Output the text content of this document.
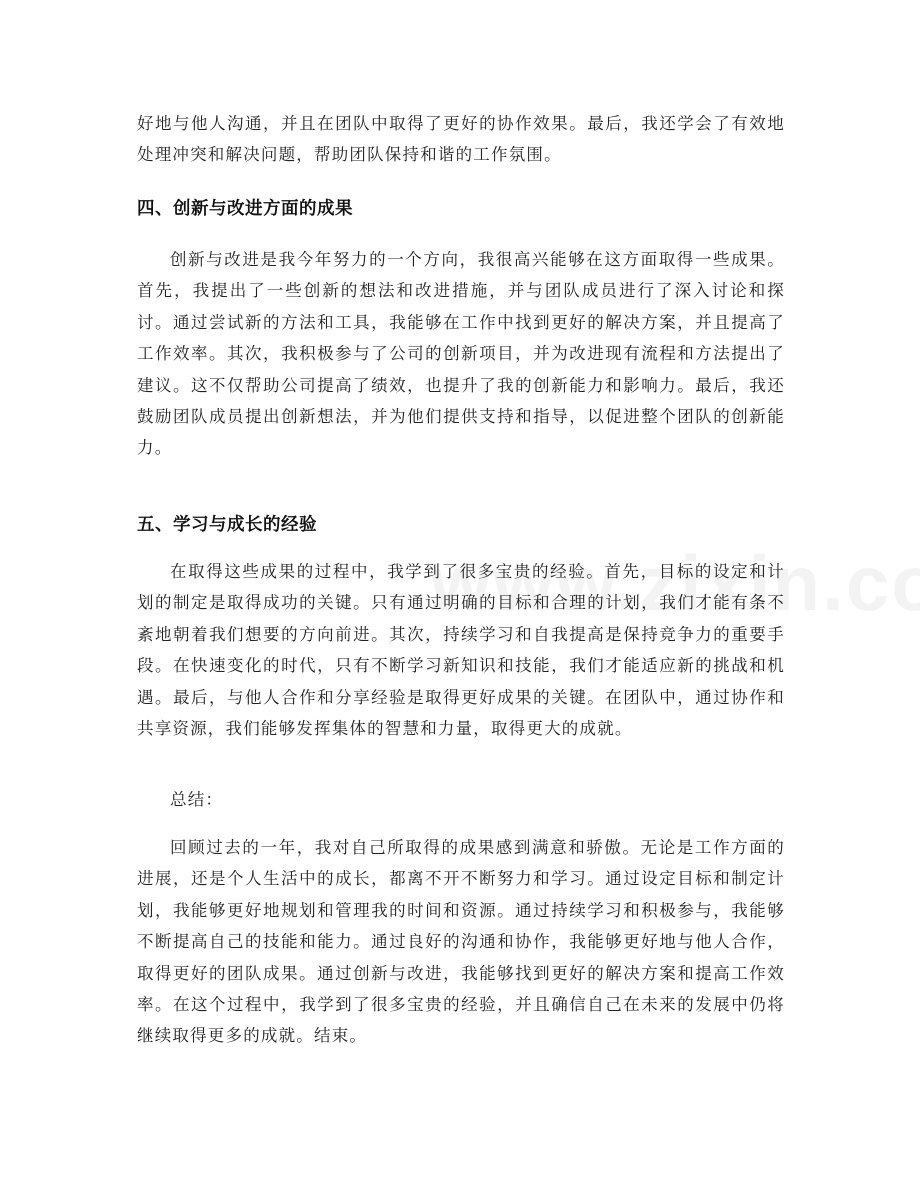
好地与他人沟通，并且在团队中取得了更好的协作效果。最后，我还学会了有效地处理冲突和解决问题，帮助团队保持和谐的工作氛围。

四、创新与改进方面的成果

创新与改进是我今年努力的一个方向，我很高兴能够在这方面取得一些成果。首先，我提出了一些创新的想法和改进措施，并与团队成员进行了深入讨论和探讨。通过尝试新的方法和工具，我能够在工作中找到更好的解决方案，并且提高了工作效率。其次，我积极参与了公司的创新项目，并为改进现有流程和方法提出了建议。这不仅帮助公司提高了绩效，也提升了我的创新能力和影响力。最后，我还鼓励团队成员提出创新想法，并为他们提供支持和指导，以促进整个团队的创新能力。

五、学习与成长的经验

在取得这些成果的过程中，我学到了很多宝贵的经验。首先，目标的设定和计划的制定是取得成功的关键。只有通过明确的目标和合理的计划，我们才能有条不紊地朝着我们想要的方向前进。其次，持续学习和自我提高是保持竞争力的重要手段。在快速变化的时代，只有不断学习新知识和技能，我们才能适应新的挑战和机遇。最后，与他人合作和分享经验是取得更好成果的关键。在团队中，通过协作和共享资源，我们能够发挥集体的智慧和力量，取得更大的成就。

总结：

回顾过去的一年，我对自己所取得的成果感到满意和骄傲。无论是工作方面的进展，还是个人生活中的成长，都离不开不断努力和学习。通过设定目标和制定计划，我能够更好地规划和管理我的时间和资源。通过持续学习和积极参与，我能够不断提高自己的技能和能力。通过良好的沟通和协作，我能够更好地与他人合作，取得更好的团队成果。通过创新与改进，我能够找到更好的解决方案和提高工作效率。在这个过程中，我学到了很多宝贵的经验，并且确信自己在未来的发展中仍将继续取得更多的成就。结束。
